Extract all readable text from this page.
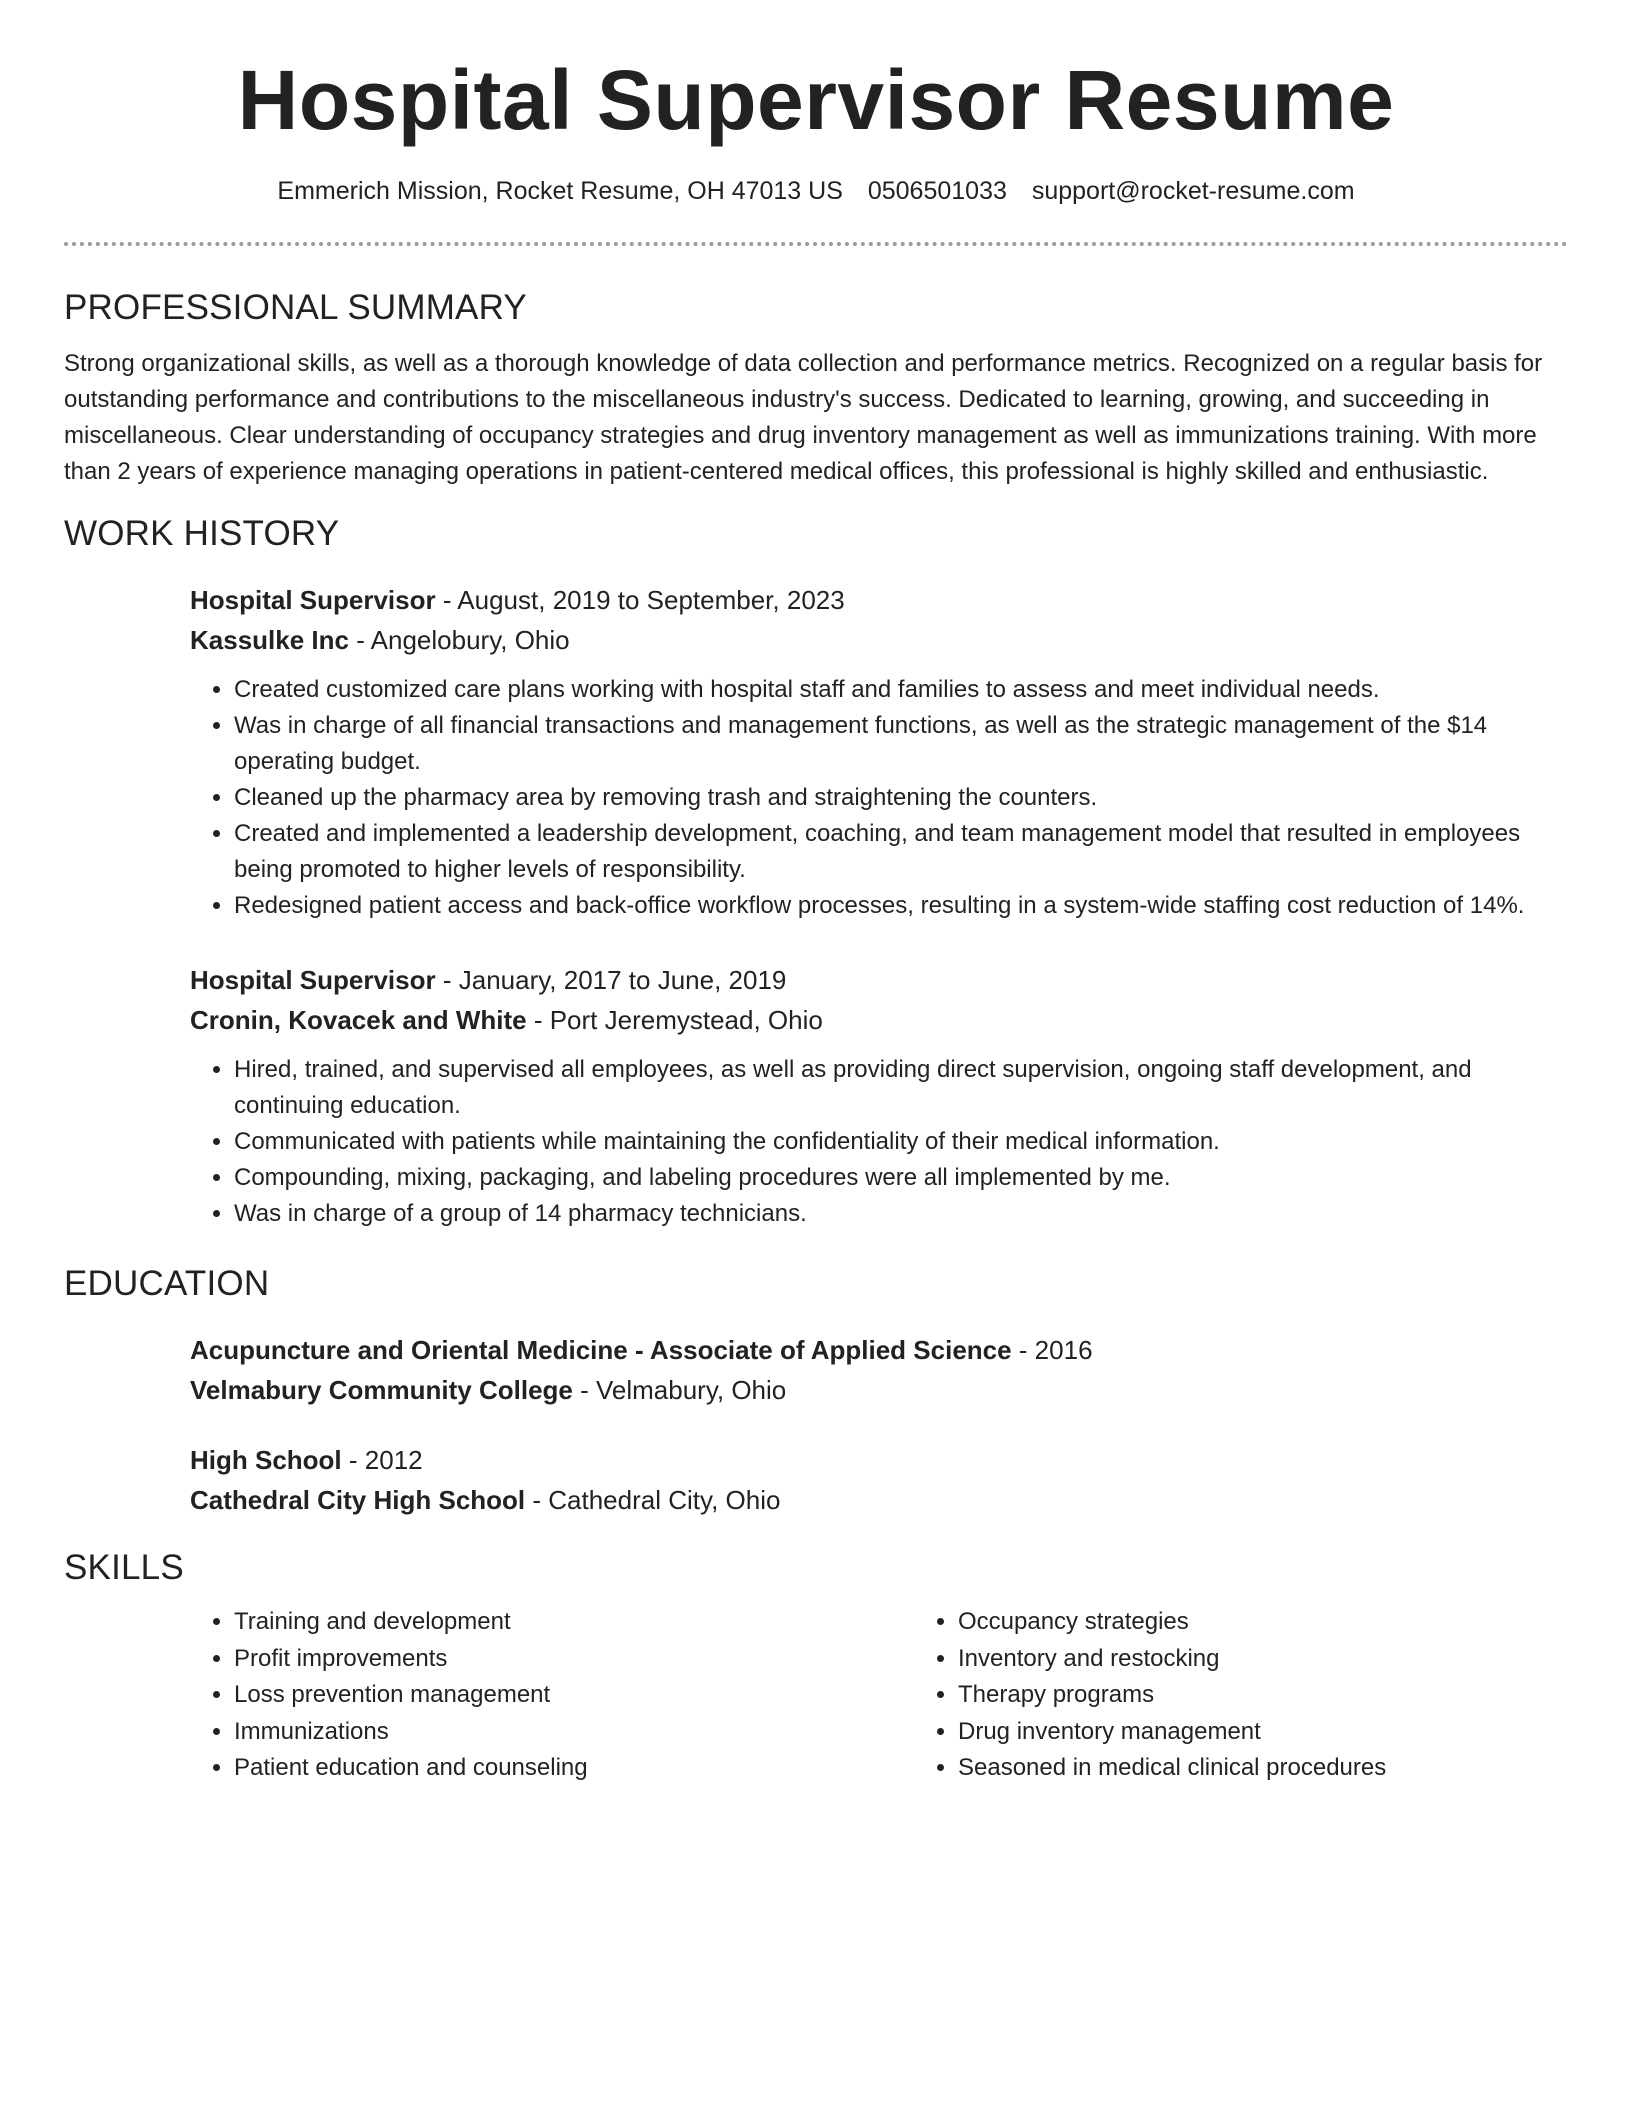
Hospital Supervisor Resume
Emmerich Mission, Rocket Resume, OH 47013 US 0506501033 support@rocket-resume.com
PROFESSIONAL SUMMARY

Strong organizational skills, as well as a thorough knowledge of data collection and performance metrics. Recognized on a regular basis for outstanding performance and contributions to the miscellaneous industry's success. Dedicated to learning, growing, and succeeding in miscellaneous. Clear understanding of occupancy strategies and drug inventory management as well as immunizations training. With more than 2 years of experience managing operations in patient-centered medical offices, this professional is highly skilled and enthusiastic.

WORK HISTORY
Hospital Supervisor - August, 2019 to September, 2023
Kassulke Inc - Angelobury, Ohio
• Created customized care plans working with hospital staff and families to assess and meet individual needs.
• Was in charge of all financial transactions and management functions, as well as the strategic management of the $14 operating budget.
• Cleaned up the pharmacy area by removing trash and straightening the counters.
• Created and implemented a leadership development, coaching, and team management model that resulted in employees being promoted to higher levels of responsibility.
• Redesigned patient access and back-office workflow processes, resulting in a system-wide staffing cost reduction of 14%.
Hospital Supervisor - January, 2017 to June, 2019
Cronin, Kovacek and White - Port Jeremystead, Ohio
• Hired, trained, and supervised all employees, as well as providing direct supervision, ongoing staff development, and continuing education.
• Communicated with patients while maintaining the confidentiality of their medical information.
• Compounding, mixing, packaging, and labeling procedures were all implemented by me.
• Was in charge of a group of 14 pharmacy technicians.
EDUCATION
Acupuncture and Oriental Medicine - Associate of Applied Science - 2016
Velmabury Community College - Velmabury, Ohio
High School - 2012
Cathedral City High School - Cathedral City, Ohio
SKILLS
• Training and development
• Profit improvements
• Loss prevention management
• Immunizations
• Patient education and counseling
• Occupancy strategies
• Inventory and restocking
• Therapy programs
• Drug inventory management
• Seasoned in medical clinical procedures
